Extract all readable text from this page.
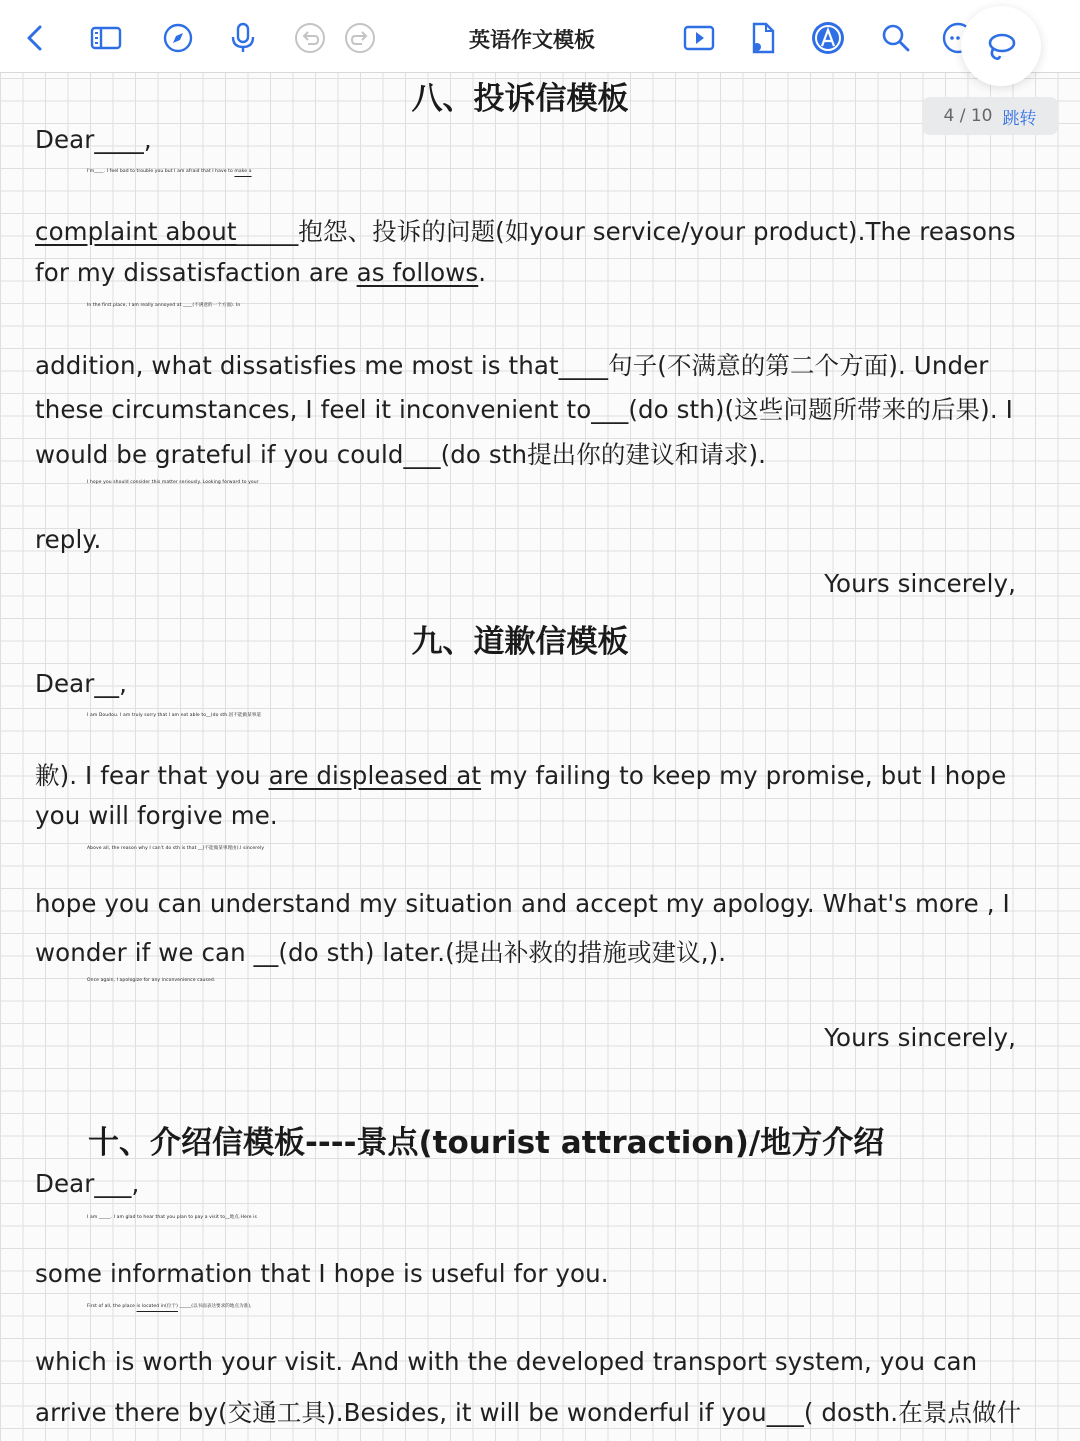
英语作文模板
4 / 10 跳转
八、投诉信模板
Dear____,
I'm____. I feel bad to trouble you but I am afraid that I have to make a
complaint about_____抱怨、投诉的问题(如your service/your product).The reasons
for my dissatisfaction are as follows.
In the first place, I am really annoyed at ____(不满意的一个方面). In
addition, what dissatisfies me most is that____句子(不满意的第二个方面). Under
these circumstances, I feel it inconvenient to___(do sth)(这些问题所带来的后果). I
would be grateful if you could___(do sth提出你的建议和请求).
I hope you should consider this matter seriously. Looking forward to your
reply.
Yours sincerely,
九、道歉信模板
Dear__,
I am Doudou. I am truly sorry that I am not able to__(do sth.因不能做某事道
歉). I fear that you are displeased at my failing to keep my promise, but I hope
you will forgive me.
Above all, the reason why I can't do sth is that __(不能做某事理由).I sincerely
hope you can understand my situation and accept my apology. What's more , I
wonder if we can __(do sth) later.(提出补救的措施或建议,).
Once again, I apologize for any inconvenience caused.
Yours sincerely,
十、介绍信模板----景点(tourist attraction)/地方介绍
Dear___,
I am _____. I am glad to hear that you plan to pay a visit to__地点.Here is
some information that I hope is useful for you.
First of all, the place is located in(位于) _____(以书面表达要求的地点为准),
which is worth your visit. And with the developed transport system, you can
arrive there by(交通工具).Besides, it will be wonderful if you___( dosth.在景点做什
